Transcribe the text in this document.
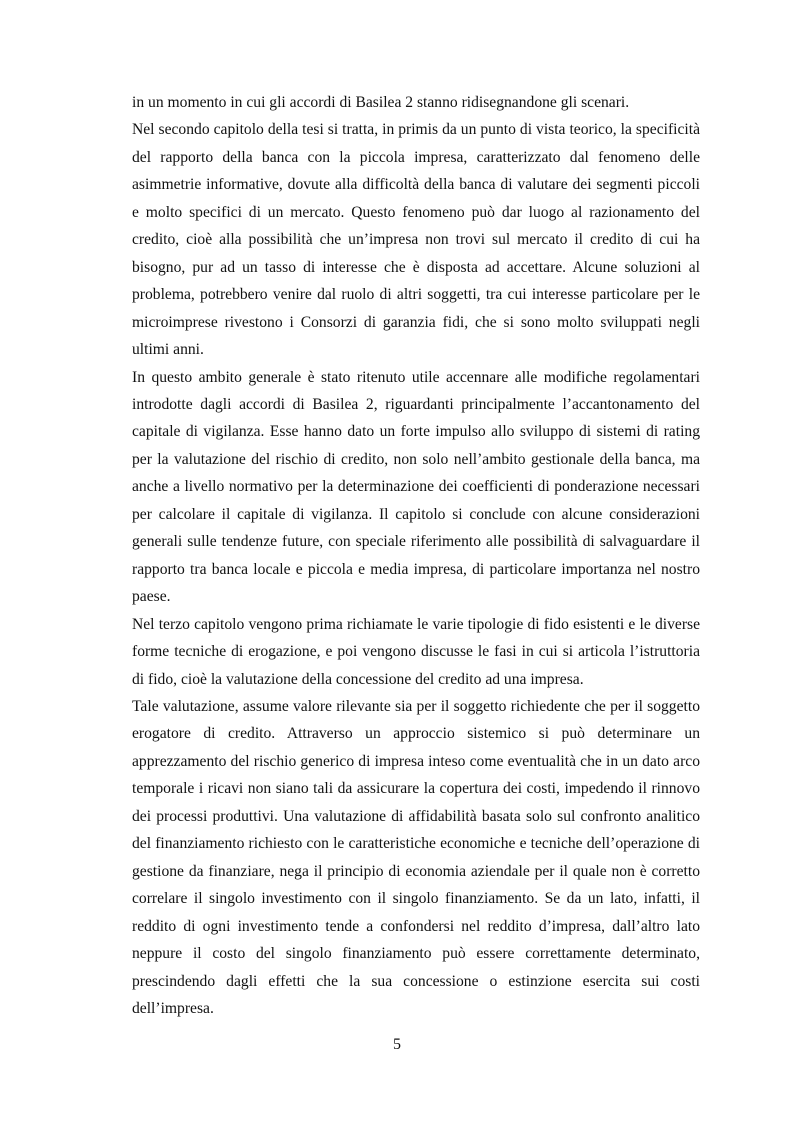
in un momento in cui gli accordi di Basilea 2 stanno ridisegnandone gli scenari.

Nel secondo capitolo della tesi si tratta, in primis da un punto di vista teorico, la specificità del rapporto della banca con la piccola impresa, caratterizzato dal fenomeno delle asimmetrie informative, dovute alla difficoltà della banca di valutare dei segmenti piccoli e molto specifici di un mercato. Questo fenomeno può dar luogo al razionamento del credito, cioè alla possibilità che un’impresa non trovi sul mercato il credito di cui ha bisogno, pur ad un tasso di interesse che è disposta ad accettare. Alcune soluzioni al problema, potrebbero venire dal ruolo di altri soggetti, tra cui interesse particolare per le microimprese rivestono i Consorzi di garanzia fidi, che si sono molto sviluppati negli ultimi anni.

In questo ambito generale è stato ritenuto utile accennare alle modifiche regolamentari introdotte dagli accordi di Basilea 2, riguardanti principalmente l’accantonamento del capitale di vigilanza. Esse hanno dato un forte impulso allo sviluppo di sistemi di rating per la valutazione del rischio di credito, non solo nell’ambito gestionale della banca, ma anche a livello normativo per la determinazione dei coefficienti di ponderazione necessari per calcolare il capitale di vigilanza. Il capitolo si conclude con alcune considerazioni generali sulle tendenze future, con speciale riferimento alle possibilità di salvaguardare il rapporto tra banca locale e piccola e media impresa, di particolare importanza nel nostro paese.

Nel terzo capitolo vengono prima richiamate le varie tipologie di fido esistenti e le diverse forme tecniche di erogazione, e poi vengono discusse le fasi in cui si articola l’istruttoria di fido, cioè la valutazione della concessione del credito ad una impresa.

Tale valutazione, assume valore rilevante sia per il soggetto richiedente che per il soggetto erogatore di credito. Attraverso un approccio sistemico si può determinare un apprezzamento del rischio generico di impresa inteso come eventualità che in un dato arco temporale i ricavi non siano tali da assicurare la copertura dei costi, impedendo il rinnovo dei processi produttivi. Una valutazione di affidabilità basata solo sul confronto analitico del finanziamento richiesto con le caratteristiche economiche e tecniche dell’operazione di gestione da finanziare, nega il principio di economia aziendale per il quale non è corretto correlare il singolo investimento con il singolo finanziamento. Se da un lato, infatti, il reddito di ogni investimento tende a confondersi nel reddito d’impresa, dall’altro lato neppure il costo del singolo finanziamento può essere correttamente determinato, prescindendo dagli effetti che la sua concessione o estinzione esercita sui costi dell’impresa.

5
